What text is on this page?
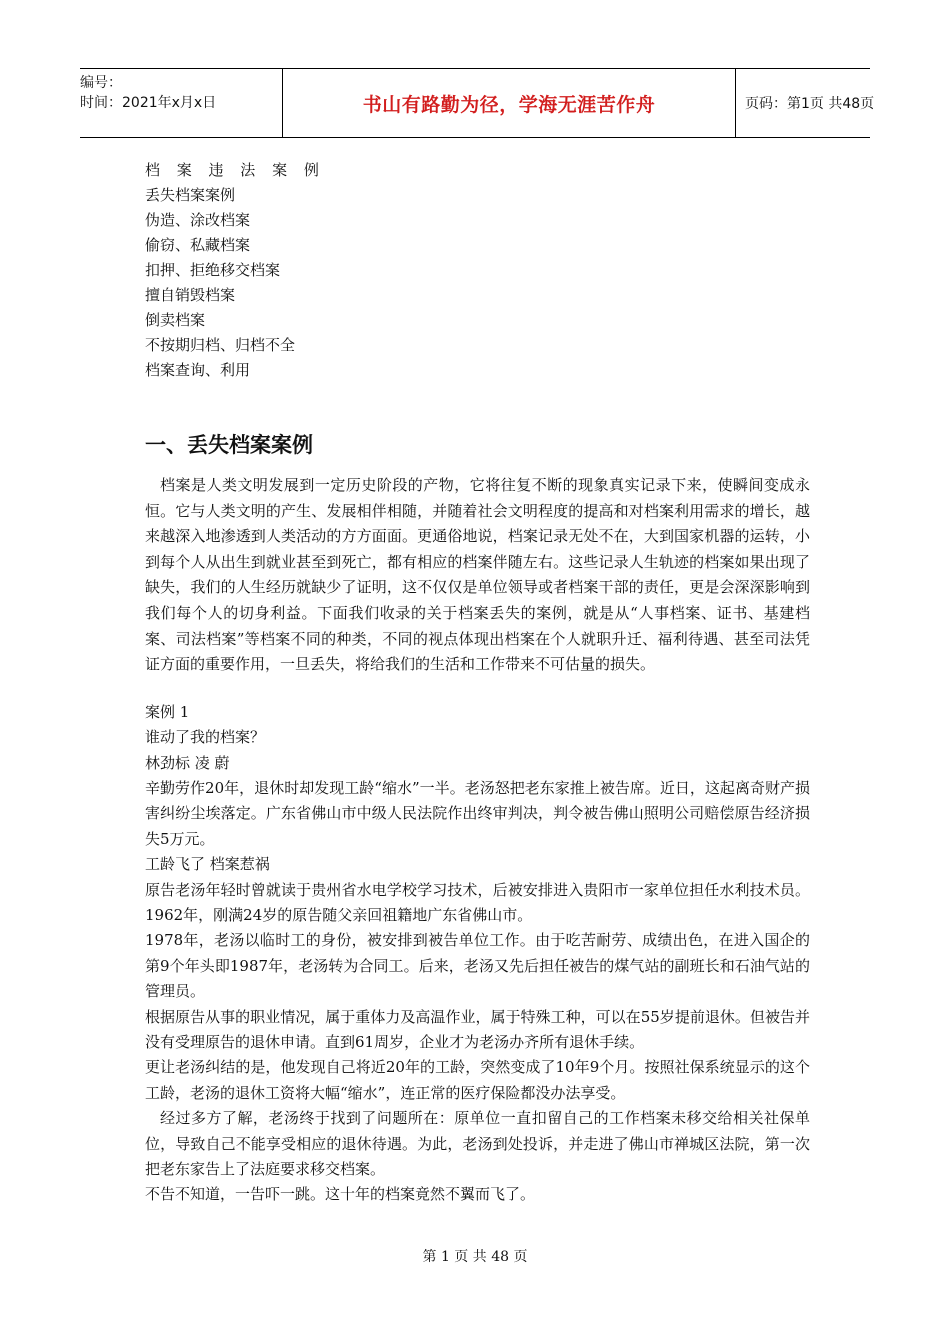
编号：
时间：2021年x月x日	书山有路勤为径，学海无涯苦作舟	页码：第1页 共48页
档 案 违 法 案 例
丢失档案案例
伪造、涂改档案
偷窃、私藏档案
扣押、拒绝移交档案
擅自销毁档案
倒卖档案
不按期归档、归档不全
档案查询、利用
一、丢失档案案例

档案是人类文明发展到一定历史阶段的产物，它将往复不断的现象真实记录下来，使瞬间变成永恒。它与人类文明的产生、发展相伴相随，并随着社会文明程度的提高和对档案利用需求的增长，越来越深入地渗透到人类活动的方方面面。更通俗地说，档案记录无处不在，大到国家机器的运转，小到每个人从出生到就业甚至到死亡，都有相应的档案伴随左右。这些记录人生轨迹的档案如果出现了缺失，我们的人生经历就缺少了证明，这不仅仅是单位领导或者档案干部的责任，更是会深深影响到我们每个人的切身利益。下面我们收录的关于档案丢失的案例，就是从“人事档案、证书、基建档案、司法档案”等档案不同的种类，不同的视点体现出档案在个人就职升迁、福利待遇、甚至司法凭证方面的重要作用，一旦丢失，将给我们的生活和工作带来不可估量的损失。

案例 1

谁动了我的档案？

林劲标 凌 蔚

辛勤劳作20年，退休时却发现工龄“缩水”一半。老汤怒把老东家推上被告席。近日，这起离奇财产损害纠纷尘埃落定。广东省佛山市中级人民法院作出终审判决，判令被告佛山照明公司赔偿原告经济损失5万元。

工龄飞了 档案惹祸

原告老汤年轻时曾就读于贵州省水电学校学习技术，后被安排进入贵阳市一家单位担任水利技术员。1962年，刚满24岁的原告随父亲回祖籍地广东省佛山市。

1978年，老汤以临时工的身份，被安排到被告单位工作。由于吃苦耐劳、成绩出色，在进入国企的第9个年头即1987年，老汤转为合同工。后来，老汤又先后担任被告的煤气站的副班长和石油气站的管理员。

根据原告从事的职业情况，属于重体力及高温作业，属于特殊工种，可以在55岁提前退休。但被告并没有受理原告的退休申请。直到61周岁，企业才为老汤办齐所有退休手续。

更让老汤纠结的是，他发现自己将近20年的工龄，突然变成了10年9个月。按照社保系统显示的这个工龄，老汤的退休工资将大幅“缩水”，连正常的医疗保险都没办法享受。

经过多方了解，老汤终于找到了问题所在：原单位一直扣留自己的工作档案未移交给相关社保单位，导致自己不能享受相应的退休待遇。为此，老汤到处投诉，并走进了佛山市禅城区法院，第一次把老东家告上了法庭要求移交档案。

不告不知道，一告吓一跳。这十年的档案竟然不翼而飞了。

第 1 页 共 48 页
